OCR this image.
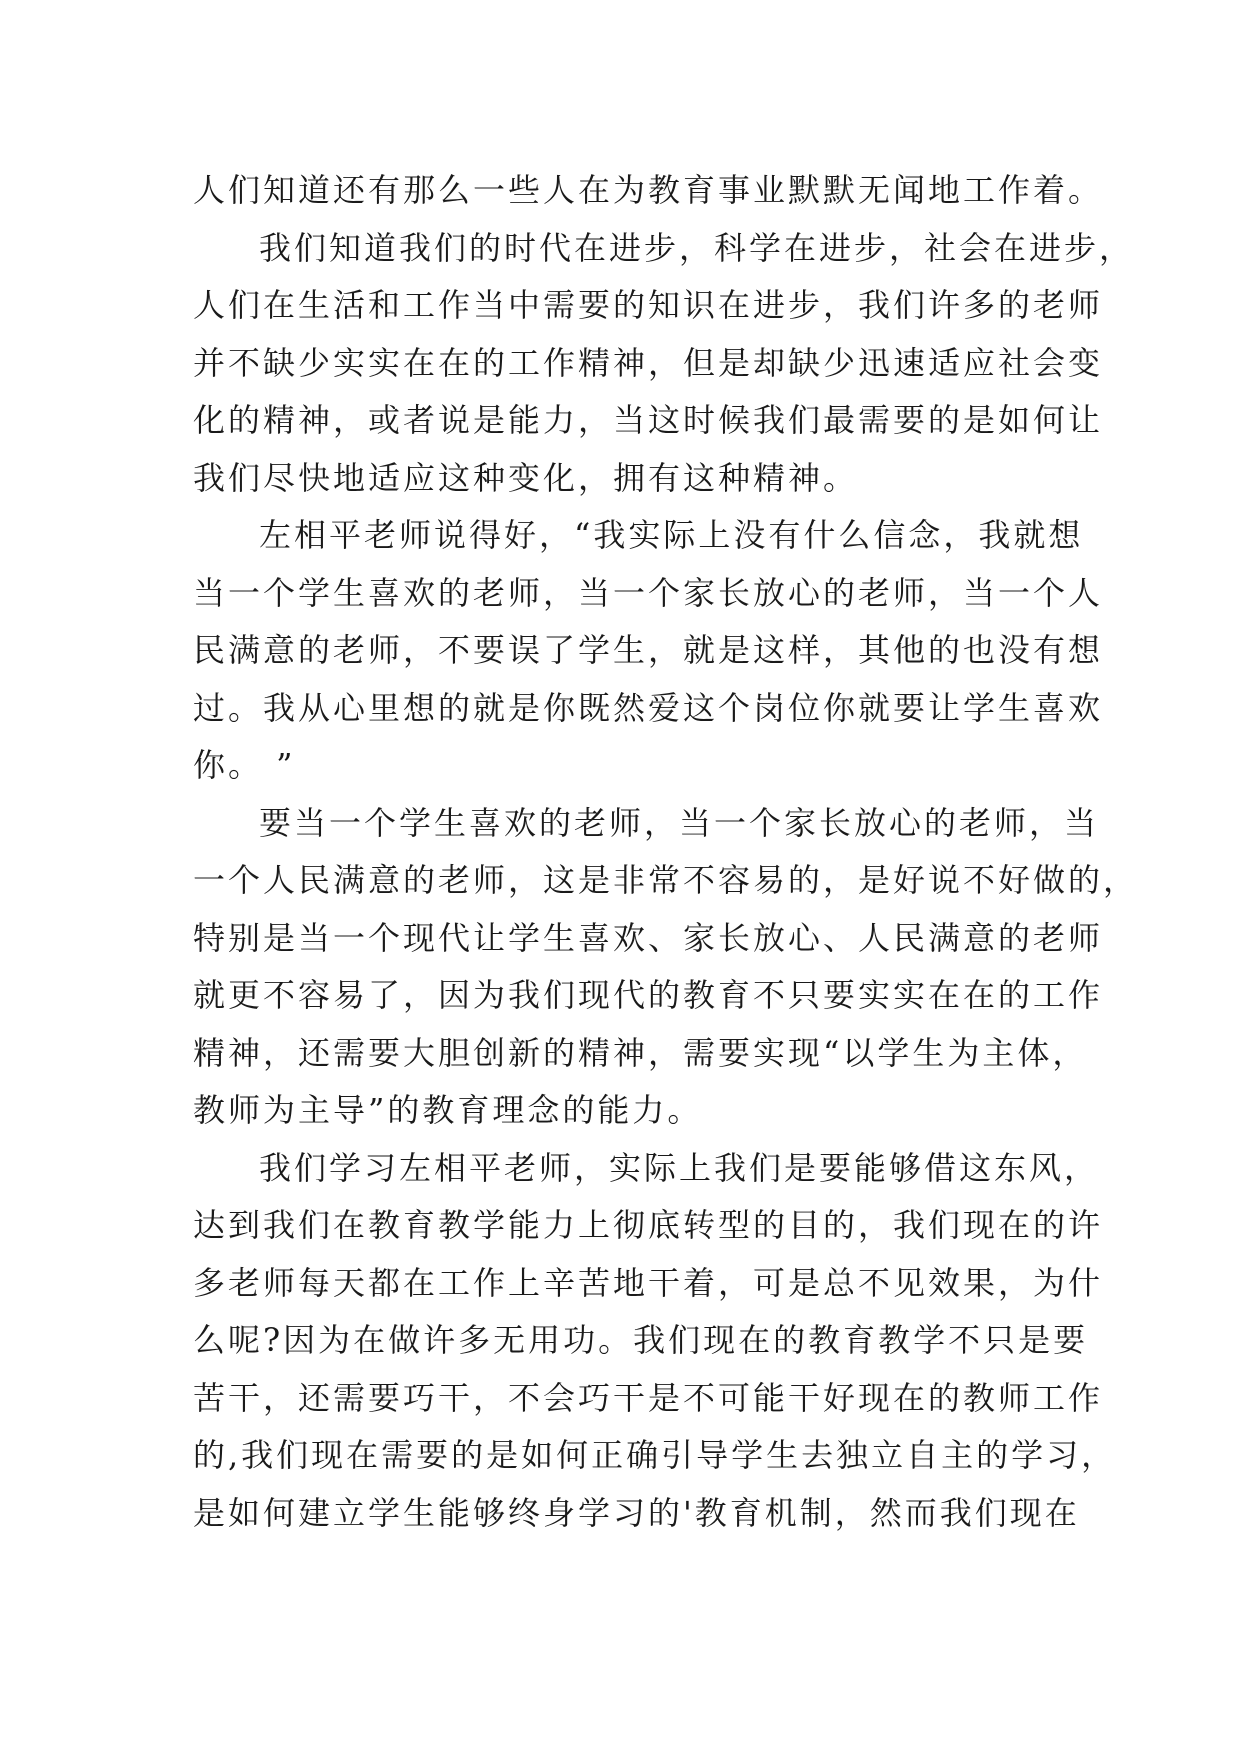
人们知道还有那么一些人在为教育事业默默无闻地工作着。
我们知道我们的时代在进步，科学在进步，社会在进步，
人们在生活和工作当中需要的知识在进步，我们许多的老师
并不缺少实实在在的工作精神，但是却缺少迅速适应社会变
化的精神，或者说是能力，当这时候我们最需要的是如何让
我们尽快地适应这种变化，拥有这种精神。
左相平老师说得好，“我实际上没有什么信念，我就想
当一个学生喜欢的老师，当一个家长放心的老师，当一个人
民满意的老师，不要误了学生，就是这样，其他的也没有想
过。我从心里想的就是你既然爱这个岗位你就要让学生喜欢
你。 ”
要当一个学生喜欢的老师，当一个家长放心的老师，当
一个人民满意的老师，这是非常不容易的，是好说不好做的，
特别是当一个现代让学生喜欢、家长放心、人民满意的老师
就更不容易了，因为我们现代的教育不只要实实在在的工作
精神，还需要大胆创新的精神，需要实现“以学生为主体，
教师为主导”的教育理念的能力。
我们学习左相平老师，实际上我们是要能够借这东风，
达到我们在教育教学能力上彻底转型的目的，我们现在的许
多老师每天都在工作上辛苦地干着，可是总不见效果，为什
么呢?因为在做许多无用功。我们现在的教育教学不只是要
苦干，还需要巧干，不会巧干是不可能干好现在的教师工作
的,我们现在需要的是如何正确引导学生去独立自主的学习，
是如何建立学生能够终身学习的'教育机制，然而我们现在
